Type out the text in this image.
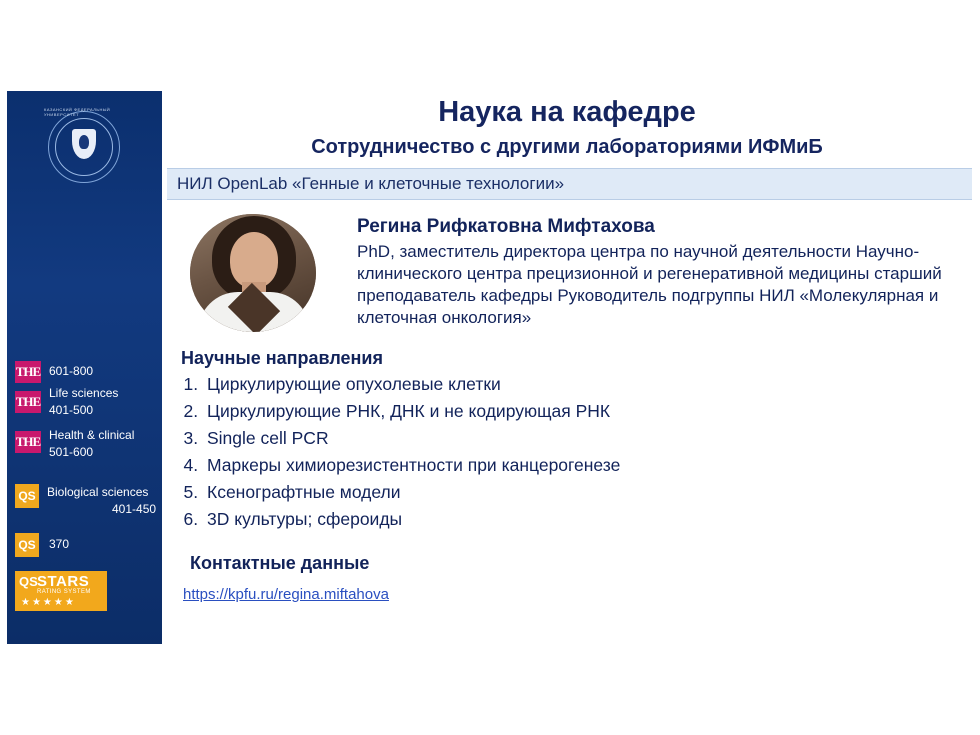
КАЗАНСКИЙ ФЕДЕРАЛЬНЫЙ УНИВЕРСИТЕТ
THE 601-800
THE
Life sciences
401-500
THE Health & clinical
501-600
QS Biological sciences
401-450
QS 370
QS STARS
RATING SYSTEM
★★★★★
Наука на кафедре
Сотрудничество с другими лабораториями ИФМиБ
НИЛ OpenLab «Генные и клеточные технологии»
Регина Рифкатовна Мифтахова
PhD, заместитель директора центра по научной деятельности Научно-клинического центра прецизионной и регенеративной медицины старший преподаватель кафедры Руководитель подгруппы НИЛ «Молекулярная и клеточная онкология»
Научные направления
1. Циркулирующие опухолевые клетки
2. Циркулирующие РНК, ДНК и не кодирующая РНК
3. Single cell PCR
4. Маркеры химиорезистентности при канцерогенезе
5. Ксенографтные модели
6. 3D культуры; сфероиды
Контактные данные
https://kpfu.ru/regina.miftahova
